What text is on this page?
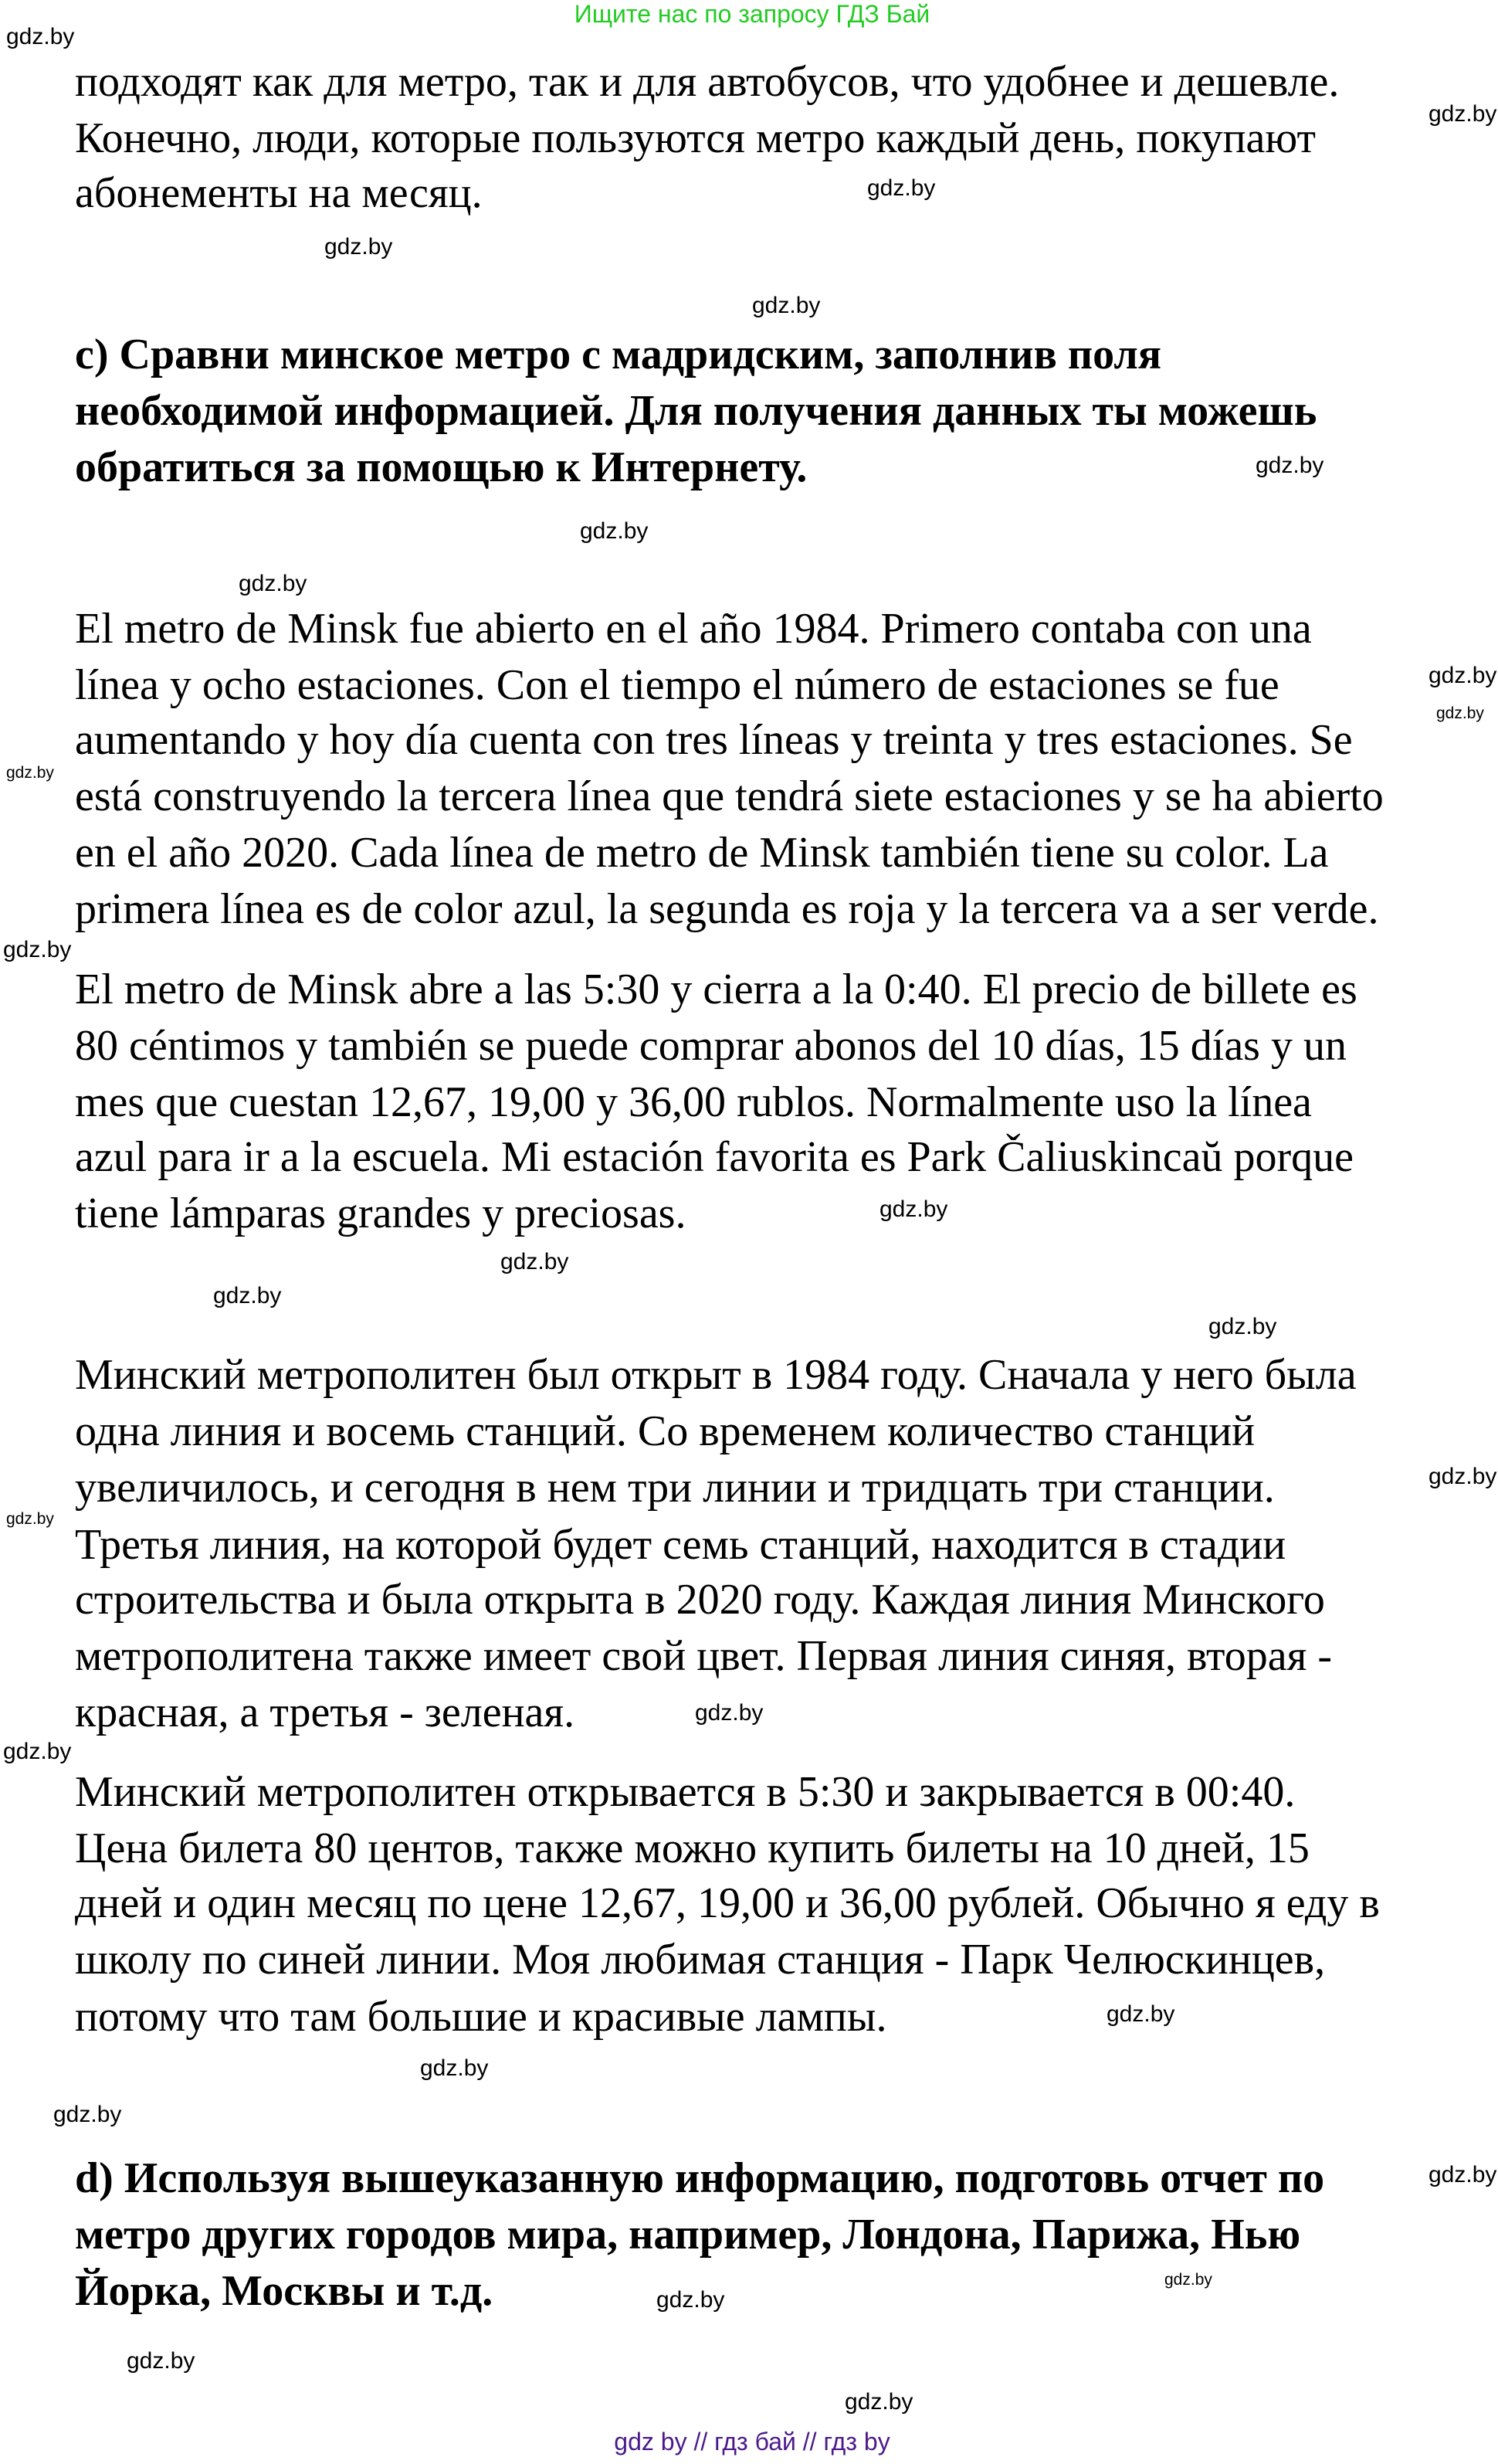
Ищите нас по запросу ГДЗ Бай
подходят как для метро, так и для автобусов, что удобнее и дешевле.
Конечно, люди, которые пользуются метро каждый день, покупают
абонементы на месяц.
c) Сравни минское метро с мадридским, заполнив поля
необходимой информацией. Для получения данных ты можешь
обратиться за помощью к Интернету.
El metro de Minsk fue abierto en el año 1984. Primero contaba con una
línea y ocho estaciones. Con el tiempo el número de estaciones se fue
aumentando y hoy día cuenta con tres líneas y treinta y tres estaciones. Se
está construyendo la tercera línea que tendrá siete estaciones y se ha abierto
en el año 2020. Cada línea de metro de Minsk también tiene su color. La
primera línea es de color azul, la segunda es roja y la tercera va a ser verde.
El metro de Minsk abre a las 5:30 y cierra a la 0:40. El precio de billete es
80 céntimos y también se puede comprar abonos del 10 días, 15 días y un
mes que cuestan 12,67, 19,00 y 36,00 rublos. Normalmente uso la línea
azul para ir a la escuela. Mi estación favorita es Park Čaliuskincaŭ porque
tiene lámparas grandes y preciosas.
Минский метрополитен был открыт в 1984 году. Сначала у него была
одна линия и восемь станций. Со временем количество станций
увеличилось, и сегодня в нем три линии и тридцать три станции.
Третья линия, на которой будет семь станций, находится в стадии
строительства и была открыта в 2020 году. Каждая линия Минского
метрополитена также имеет свой цвет. Первая линия синяя, вторая -
красная, а третья - зеленая.
Минский метрополитен открывается в 5:30 и закрывается в 00:40.
Цена билета 80 центов, также можно купить билеты на 10 дней, 15
дней и один месяц по цене 12,67, 19,00 и 36,00 рублей. Обычно я еду в
школу по синей линии. Моя любимая станция - Парк Челюскинцев,
потому что там большие и красивые лампы.
d) Используя вышеуказанную информацию, подготовь отчет по
метро других городов мира, например, Лондона, Парижа, Нью
Йорка, Москвы и т.д.
gdz.by
gdz.by
gdz.by
gdz.by
gdz.by
gdz.by
gdz.by
gdz.by
gdz.by
gdz.by
gdz.by
gdz.by
gdz.by
gdz.by
gdz.by
gdz.by
gdz.by
gdz.by
gdz.by
gdz.by
gdz.by
gdz.by
gdz.by
gdz.by
gdz.by
gdz.by
gdz.by
gdz.by
gdz by // гдз бай // гдз by
